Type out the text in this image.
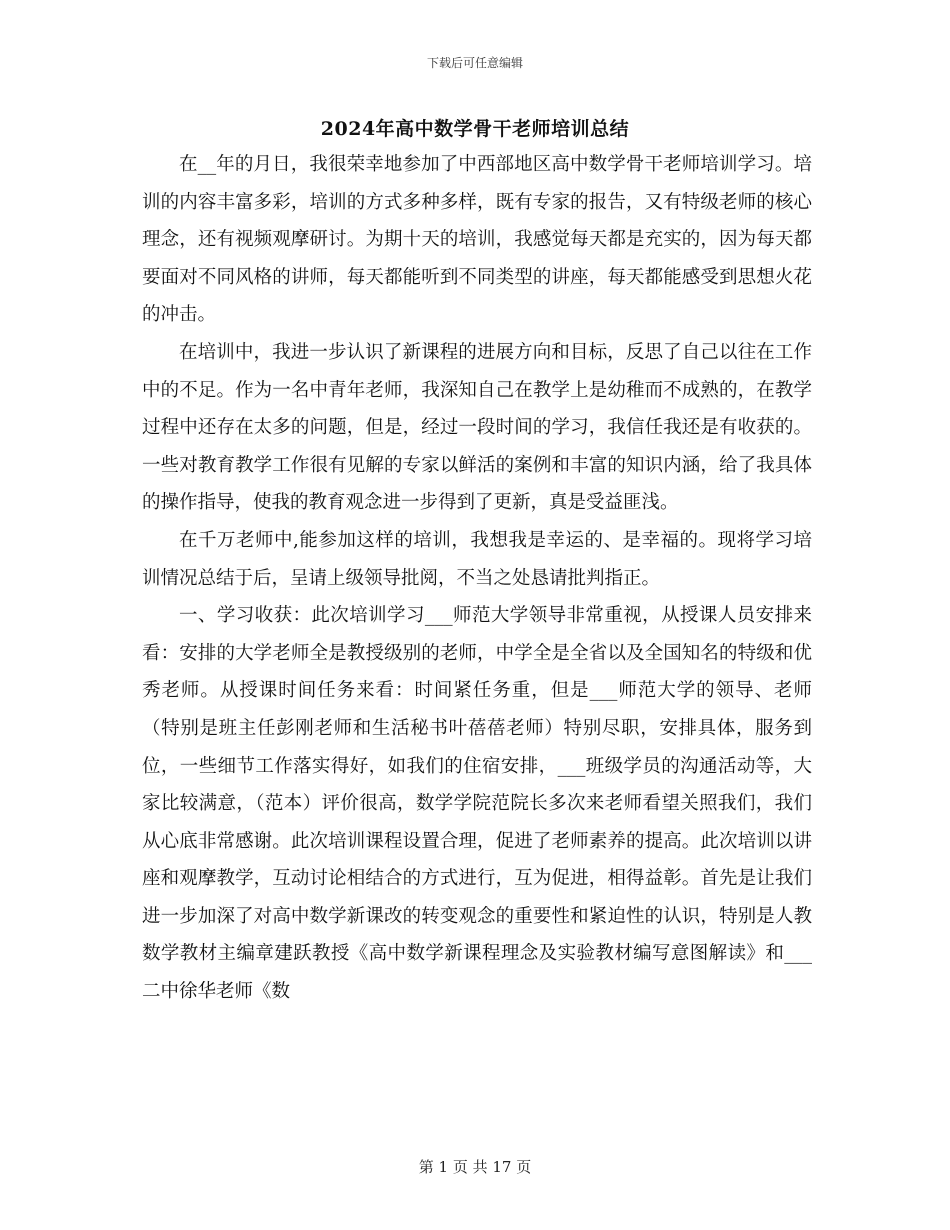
下载后可任意编辑
2024年高中数学骨干老师培训总结

在__年的月日，我很荣幸地参加了中西部地区高中数学骨干老师培训学习。培训的内容丰富多彩，培训的方式多种多样，既有专家的报告，又有特级老师的核心理念，还有视频观摩研讨。为期十天的培训，我感觉每天都是充实的，因为每天都要面对不同风格的讲师，每天都能听到不同类型的讲座，每天都能感受到思想火花的冲击。

在培训中，我进一步认识了新课程的进展方向和目标，反思了自己以往在工作中的不足。作为一名中青年老师，我深知自己在教学上是幼稚而不成熟的，在教学过程中还存在太多的问题，但是，经过一段时间的学习，我信任我还是有收获的。一些对教育教学工作很有见解的专家以鲜活的案例和丰富的知识内涵，给了我具体的操作指导，使我的教育观念进一步得到了更新，真是受益匪浅。

在千万老师中,能参加这样的培训，我想我是幸运的、是幸福的。现将学习培训情况总结于后，呈请上级领导批阅，不当之处恳请批判指正。

一、学习收获：此次培训学习___师范大学领导非常重视，从授课人员安排来看：安排的大学老师全是教授级别的老师，中学全是全省以及全国知名的特级和优秀老师。从授课时间任务来看：时间紧任务重，但是___师范大学的领导、老师（特别是班主任彭刚老师和生活秘书叶蓓蓓老师）特别尽职，安排具体，服务到位，一些细节工作落实得好，如我们的住宿安排，___班级学员的沟通活动等，大家比较满意，（范本）评价很高，数学学院范院长多次来老师看望关照我们，我们从心底非常感谢。此次培训课程设置合理，促进了老师素养的提高。此次培训以讲座和观摩教学，互动讨论相结合的方式进行，互为促进，相得益彰。首先是让我们进一步加深了对高中数学新课改的转变观念的重要性和紧迫性的认识，特别是人教数学教材主编章建跃教授《高中数学新课程理念及实验教材编写意图解读》和___二中徐华老师《数

第 1 页 共 17 页
